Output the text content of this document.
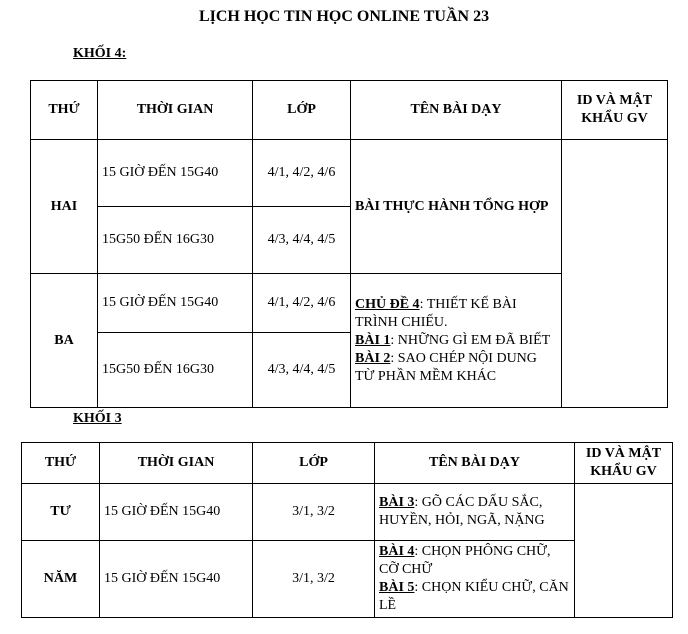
LỊCH HỌC TIN HỌC ONLINE TUẦN 23
KHỐI 4:
THỨ	THỜI GIAN	LỚP	TÊN BÀI DẠY	ID VÀ MẬT KHẨU GV
HAI	15 GIỜ ĐẾN 15G40	4/1, 4/2, 4/6	BÀI THỰC HÀNH TỔNG HỢP	
	15G50 ĐẾN 16G30	4/3, 4/4, 4/5		
BA	15 GIỜ ĐẾN 15G40	4/1, 4/2, 4/6	CHỦ ĐỀ 4: THIẾT KẾ BÀI TRÌNH CHIẾU.
BÀI 1: NHỮNG GÌ EM ĐÃ BIẾT
BÀI 2: SAO CHÉP NỘI DUNG TỪ PHẦN MỀM KHÁC	
	15G50 ĐẾN 16G30	4/3, 4/4, 4/5		
KHỐI 3
THỨ	THỜI GIAN	LỚP	TÊN BÀI DẠY	ID VÀ MẬT KHẨU GV
TƯ	15 GIỜ ĐẾN 15G40	3/1, 3/2	BÀI 3: GÕ CÁC DẤU SẮC, HUYỀN, HỎI, NGÃ, NẶNG	
NĂM	15 GIỜ ĐẾN 15G40	3/1, 3/2	BÀI 4: CHỌN PHÔNG CHỮ, CỠ CHỮ
BÀI 5: CHỌN KIỂU CHỮ, CĂN LỀ	
